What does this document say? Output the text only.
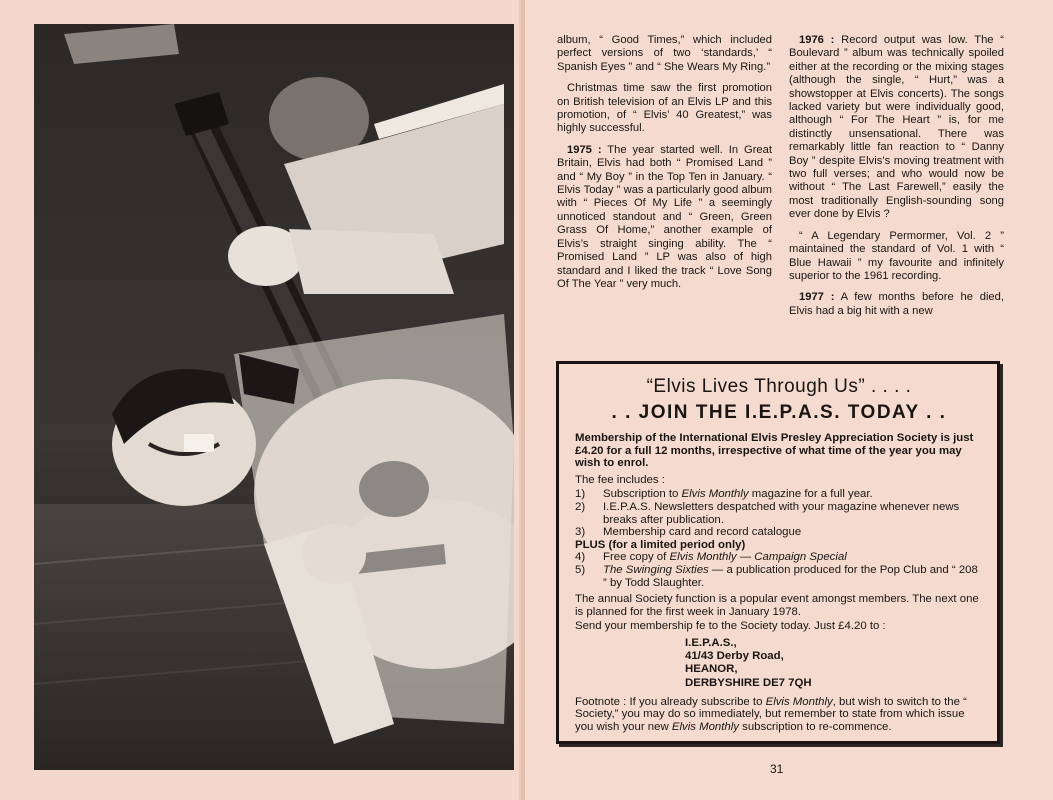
album, “ Good Times,” which included perfect versions of two ‘standards,’ “ Spanish Eyes ” and “ She Wears My Ring.”

Christmas time saw the first promotion on British television of an Elvis LP and this promotion, of “ Elvis’ 40 Greatest,” was highly successful.

1975 : The year started well. In Great Britain, Elvis had both “ Promised Land ” and “ My Boy ” in the Top Ten in January. “ Elvis Today ” was a particularly good album with “ Pieces Of My Life ” a seemingly unnoticed standout and “ Green, Green Grass Of Home,” another example of Elvis’s straight singing ability. The “ Promised Land ” LP was also of high standard and I liked the track “ Love Song Of The Year ” very much.

1976 : Record output was low. The “ Boulevard ” album was technically spoiled either at the recording or the mixing stages (although the single, “ Hurt,” was a showstopper at Elvis concerts). The songs lacked variety but were individually good, although “ For The Heart ” is, for me distinctly unsensational. There was remarkably little fan reaction to “ Danny Boy ” despite Elvis’s moving treatment with two full verses; and who would now be without “ The Last Farewell,” easily the most traditionally English-sounding song ever done by Elvis ?

“ A Legendary Permormer, Vol. 2 ” maintained the standard of Vol. 1 with “ Blue Hawaii ” my favourite and infinitely superior to the 1961 recording.

1977 : A few months before he died, Elvis had a big hit with a new

“Elvis Lives Through Us” . . . .
. . JOIN THE I.E.P.A.S. TODAY . .
Membership of the International Elvis Presley Appreciation Society is just £4.20 for a full 12 months, irrespective of what time of the year you may wish to enrol.
The fee includes :
1)	Subscription to Elvis Monthly magazine for a full year.
2)	I.E.P.A.S. Newsletters despatched with your magazine whenever news breaks after publication.
3)	Membership card and record catalogue
PLUS (for a limited period only)
4)	Free copy of Elvis Monthly — Campaign Special
5)	The Swinging Sixties — a publication produced for the Pop Club and “ 208 ” by Todd Slaughter.
The annual Society function is a popular event amongst members. The next one is planned for the first week in January 1978.
Send your membership fe to the Society today. Just £4.20 to :
I.E.P.A.S.,
41/43 Derby Road,
HEANOR,
DERBYSHIRE DE7 7QH
Footnote : If you already subscribe to Elvis Monthly, but wish to switch to the “ Society,” you may do so immediately, but remember to state from which issue you wish your new Elvis Monthly subscription to re-commence.
31
